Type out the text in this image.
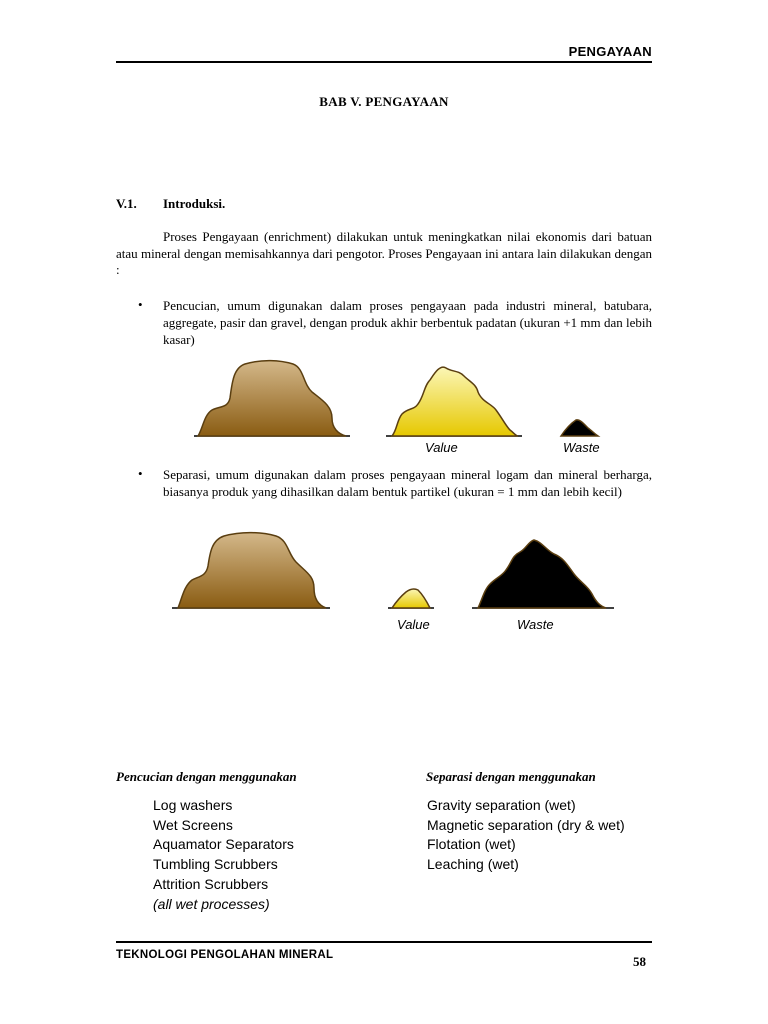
PENGAYAAN
BAB V. PENGAYAAN
V.1. Introduksi.
Proses Pengayaan (enrichment) dilakukan untuk meningkatkan nilai ekonomis dari batuan atau mineral dengan memisahkannya dari pengotor. Proses Pengayaan ini antara lain dilakukan dengan :
• Pencucian, umum digunakan dalam proses pengayaan pada industri mineral, batubara, aggregate, pasir dan gravel, dengan produk akhir berbentuk padatan (ukuran +1 mm dan lebih kasar)
Value	Waste
• Separasi, umum digunakan dalam proses pengayaan mineral logam dan mineral berharga, biasanya produk yang dihasilkan dalam bentuk partikel (ukuran = 1 mm dan lebih kecil)
Value	Waste
Pencucian dengan menggunakan
Log washers
Wet Screens
Aquamator Separators
Tumbling Scrubbers
Attrition Scrubbers
(all wet processes)
Separasi dengan menggunakan
Gravity separation (wet)
Magnetic separation (dry & wet)
Flotation (wet)
Leaching (wet)
TEKNOLOGI PENGOLAHAN MINERAL	58
